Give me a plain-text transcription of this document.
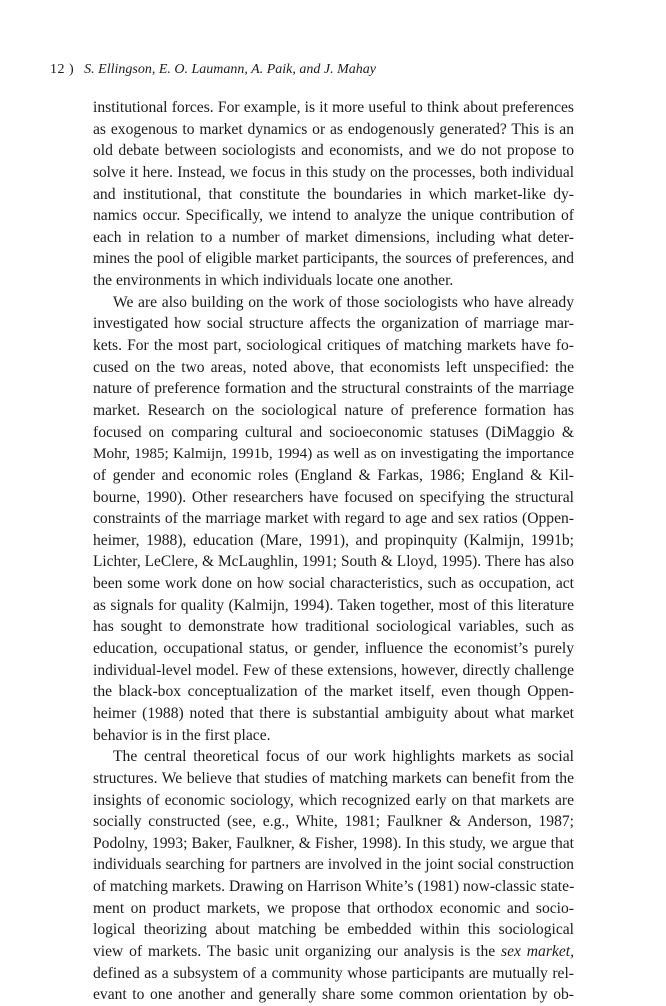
12 ) S. Ellingson, E. O. Laumann, A. Paik, and J. Mahay
institutional forces. For example, is it more useful to think about preferences
as exogenous to market dynamics or as endogenously generated? This is an
old debate between sociologists and economists, and we do not propose to
solve it here. Instead, we focus in this study on the processes, both individual
and institutional, that constitute the boundaries in which market-like dy-
namics occur. Specifically, we intend to analyze the unique contribution of
each in relation to a number of market dimensions, including what deter-
mines the pool of eligible market participants, the sources of preferences, and
the environments in which individuals locate one another.
We are also building on the work of those sociologists who have already
investigated how social structure affects the organization of marriage mar-
kets. For the most part, sociological critiques of matching markets have fo-
cused on the two areas, noted above, that economists left unspecified: the
nature of preference formation and the structural constraints of the marriage
market. Research on the sociological nature of preference formation has
focused on comparing cultural and socioeconomic statuses (DiMaggio &
Mohr, 1985; Kalmijn, 1991b, 1994) as well as on investigating the importance
of gender and economic roles (England & Farkas, 1986; England & Kil-
bourne, 1990). Other researchers have focused on specifying the structural
constraints of the marriage market with regard to age and sex ratios (Oppen-
heimer, 1988), education (Mare, 1991), and propinquity (Kalmijn, 1991b;
Lichter, LeClere, & McLaughlin, 1991; South & Lloyd, 1995). There has also
been some work done on how social characteristics, such as occupation, act
as signals for quality (Kalmijn, 1994). Taken together, most of this literature
has sought to demonstrate how traditional sociological variables, such as
education, occupational status, or gender, influence the economist’s purely
individual-level model. Few of these extensions, however, directly challenge
the black-box conceptualization of the market itself, even though Oppen-
heimer (1988) noted that there is substantial ambiguity about what market
behavior is in the first place.
The central theoretical focus of our work highlights markets as social
structures. We believe that studies of matching markets can benefit from the
insights of economic sociology, which recognized early on that markets are
socially constructed (see, e.g., White, 1981; Faulkner & Anderson, 1987;
Podolny, 1993; Baker, Faulkner, & Fisher, 1998). In this study, we argue that
individuals searching for partners are involved in the joint social construction
of matching markets. Drawing on Harrison White’s (1981) now-classic state-
ment on product markets, we propose that orthodox economic and socio-
logical theorizing about matching be embedded within this sociological
view of markets. The basic unit organizing our analysis is the sex market,
defined as a subsystem of a community whose participants are mutually rel-
evant to one another and generally share some common orientation by ob-
